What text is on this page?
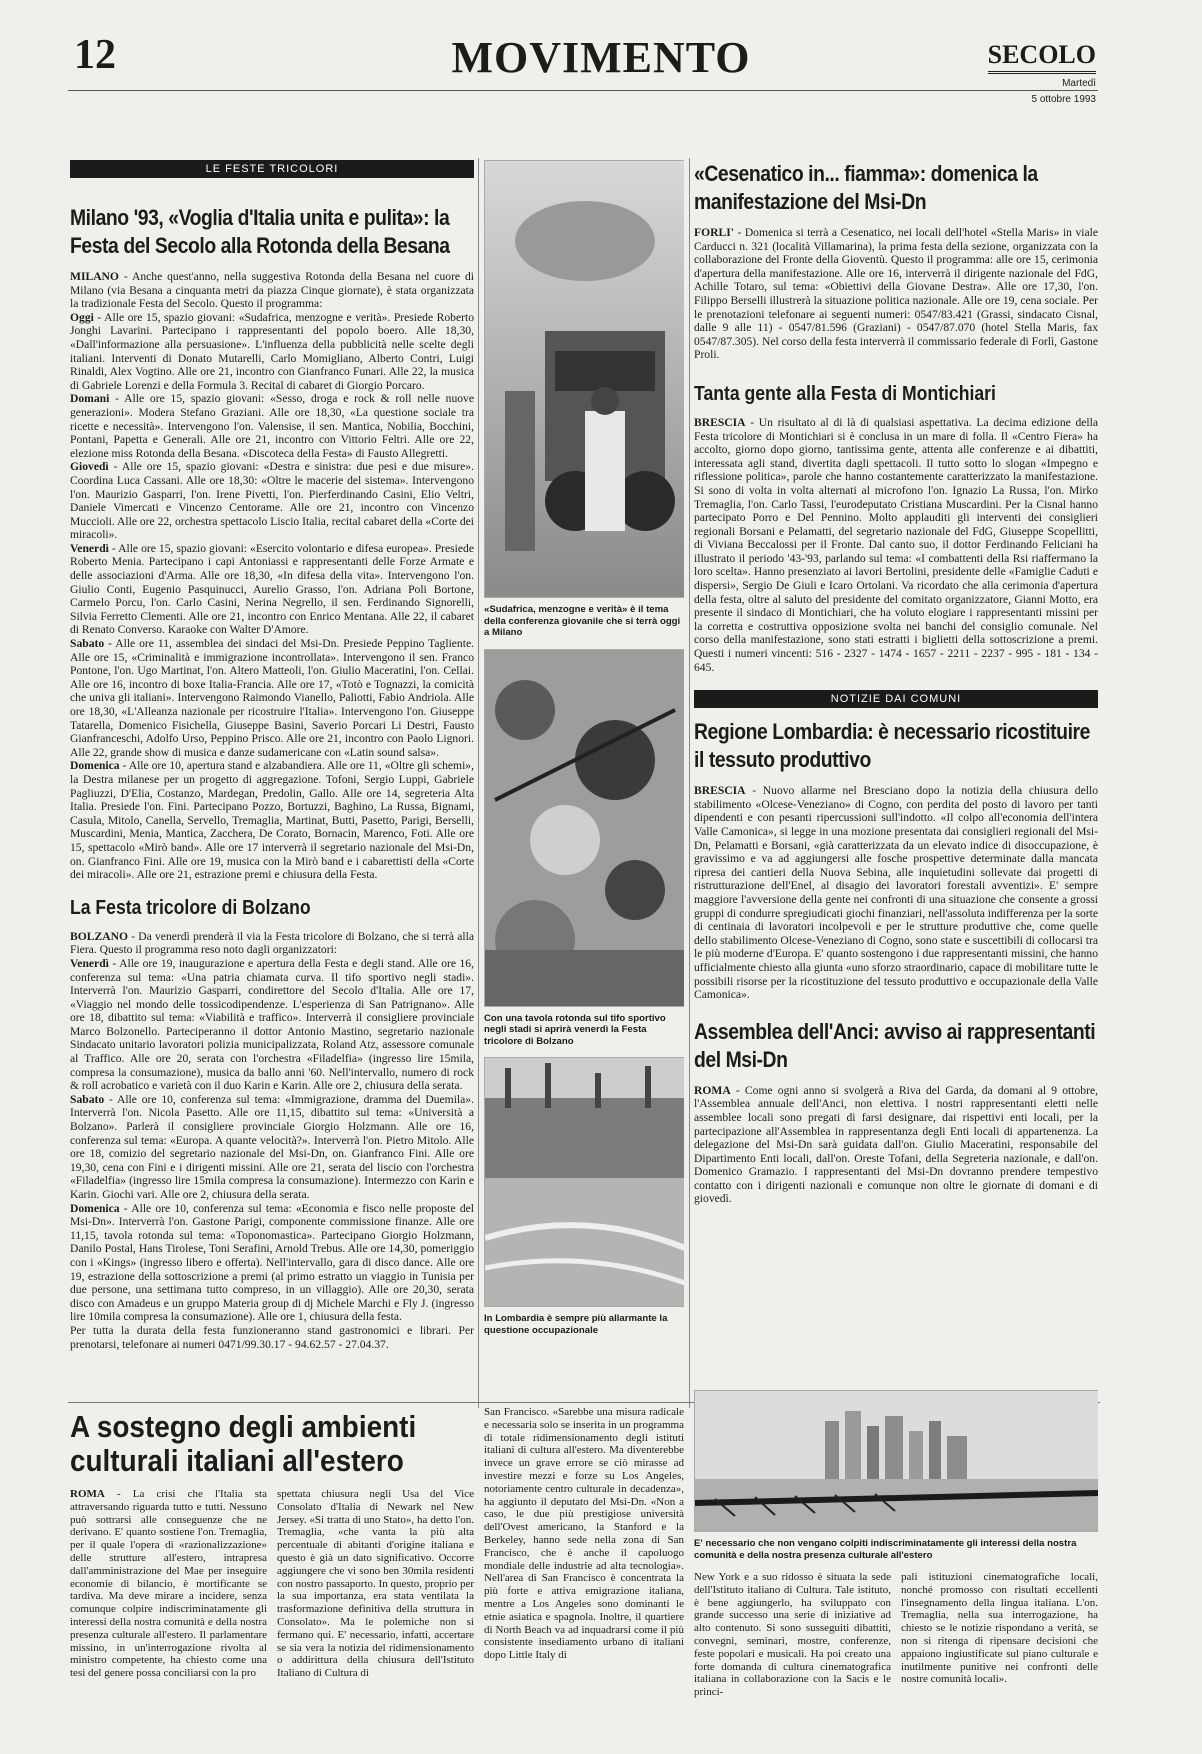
12	MOVIMENTO	SECOLO
Martedì
5 ottobre 1993
LE FESTE TRICOLORI
Milano '93, «Voglia d'Italia unita e pulita»: la Festa del Secolo alla Rotonda della Besana

MILANO - Anche quest'anno, nella suggestiva Rotonda della Besana nel cuore di Milano (via Besana a cinquanta metri da piazza Cinque giornate), è stata organizzata la tradizionale Festa del Secolo. Questo il programma:
Oggi - Alle ore 15, spazio giovani: «Sudafrica, menzogne e verità». Presiede Roberto Jonghi Lavarini. Partecipano i rappresentanti del popolo boero. Alle 18,30, «Dall'informazione alla persuasione». L'influenza della pubblicità nelle scelte degli italiani. Interventi di Donato Mutarelli, Carlo Momigliano, Alberto Contri, Luigi Rinaldi, Alex Vogtino. Alle ore 21, incontro con Gianfranco Funari. Alle 22, la musica di Gabriele Lorenzi e della Formula 3. Recital di cabaret di Giorgio Porcaro.
Domani - Alle ore 15, spazio giovani: «Sesso, droga e rock & roll nelle nuove generazioni». Modera Stefano Graziani. Alle ore 18,30, «La questione sociale tra ricette e necessità». Intervengono l'on. Valensise, il sen. Mantica, Nobilia, Bocchini, Pontani, Papetta e Generali. Alle ore 21, incontro con Vittorio Feltri. Alle ore 22, elezione miss Rotonda della Besana. «Discoteca della Festa» di Fausto Allegretti.
Giovedì - Alle ore 15, spazio giovani: «Destra e sinistra: due pesi e due misure». Coordina Luca Cassani. Alle ore 18,30: «Oltre le macerie del sistema». Intervengono l'on. Maurizio Gasparri, l'on. Irene Pivetti, l'on. Pierferdinando Casini, Elio Veltri, Daniele Vimercati e Vincenzo Centorame. Alle ore 21, incontro con Vincenzo Muccioli. Alle ore 22, orchestra spettacolo Liscio Italia, recital cabaret della «Corte dei miracoli».
Venerdì - Alle ore 15, spazio giovani: «Esercito volontario e difesa europea». Presiede Roberto Menia. Partecipano i capi Antoniassi e rappresentanti delle Forze Armate e delle associazioni d'Arma. Alle ore 18,30, «In difesa della vita». Intervengono l'on. Giulio Conti, Eugenio Pasquinucci, Aurelio Grasso, l'on. Adriana Poli Bortone, Carmelo Porcu, l'on. Carlo Casini, Nerina Negrello, il sen. Ferdinando Signorelli, Silvia Ferretto Clementi. Alle ore 21, incontro con Enrico Mentana. Alle 22, il cabaret di Renato Converso. Karaoke con Walter D'Amore.
Sabato - Alle ore 11, assemblea dei sindaci del Msi-Dn. Presiede Peppino Tagliente. Alle ore 15, «Criminalità e immigrazione incontrollata». Intervengono il sen. Franco Pontone, l'on. Ugo Martinat, l'on. Altero Matteoli, l'on. Giulio Maceratini, l'on. Cellai. Alle ore 16, incontro di boxe Italia-Francia. Alle ore 17, «Totò e Tognazzi, la comicità che univa gli italiani». Intervengono Raimondo Vianello, Paliotti, Fabio Andriola. Alle ore 18,30, «L'Alleanza nazionale per ricostruire l'Italia». Intervengono l'on. Giuseppe Tatarella, Domenico Fisichella, Giuseppe Basini, Saverio Porcari Li Destri, Fausto Gianfranceschi, Adolfo Urso, Peppino Prisco. Alle ore 21, incontro con Paolo Lignori. Alle 22, grande show di musica e danze sudamericane con «Latin sound salsa».
Domenica - Alle ore 10, apertura stand e alzabandiera. Alle ore 11, «Oltre gli schemi», la Destra milanese per un progetto di aggregazione. Tofoni, Sergio Luppi, Gabriele Pagliuzzi, D'Elia, Costanzo, Mardegan, Predolin, Gallo. Alle ore 14, segreteria Alta Italia. Presiede l'on. Fini. Partecipano Pozzo, Bortuzzi, Baghino, La Russa, Bignami, Casula, Mitolo, Canella, Servello, Tremaglia, Martinat, Butti, Pasetto, Parigi, Berselli, Muscardini, Menia, Mantica, Zacchera, De Corato, Bornacin, Marenco, Foti. Alle ore 15, spettacolo «Mirò band». Alle ore 17 interverrà il segretario nazionale del Msi-Dn, on. Gianfranco Fini. Alle ore 19, musica con la Mirò band e i cabarettisti della «Corte dei miracoli». Alle ore 21, estrazione premi e chiusura della Festa.

La Festa tricolore di Bolzano

BOLZANO - Da venerdì prenderà il via la Festa tricolore di Bolzano, che si terrà alla Fiera. Questo il programma reso noto dagli organizzatori:
Venerdì - Alle ore 19, inaugurazione e apertura della Festa e degli stand. Alle ore 16, conferenza sul tema: «Una patria chiamata curva. Il tifo sportivo negli stadi». Interverrà l'on. Maurizio Gasparri, condirettore del Secolo d'Italia. Alle ore 17, «Viaggio nel mondo delle tossicodipendenze. L'esperienza di San Patrignano». Alle ore 18, dibattito sul tema: «Viabilità e traffico». Interverrà il consigliere provinciale Marco Bolzonello. Parteciperanno il dottor Antonio Mastino, segretario nazionale Sindacato unitario lavoratori polizia municipalizzata, Roland Atz, assessore comunale al Traffico. Alle ore 20, serata con l'orchestra «Filadelfia» (ingresso lire 15mila, compresa la consumazione), musica da ballo anni '60. Nell'intervallo, numero di rock & roll acrobatico e varietà con il duo Karin e Karin. Alle ore 2, chiusura della serata.
Sabato - Alle ore 10, conferenza sul tema: «Immigrazione, dramma del Duemila». Interverrà l'on. Nicola Pasetto. Alle ore 11,15, dibattito sul tema: «Università a Bolzano». Parlerà il consigliere provinciale Giorgio Holzmann. Alle ore 16, conferenza sul tema: «Europa. A quante velocità?». Interverrà l'on. Pietro Mitolo. Alle ore 18, comizio del segretario nazionale del Msi-Dn, on. Gianfranco Fini. Alle ore 19,30, cena con Fini e i dirigenti missini. Alle ore 21, serata del liscio con l'orchestra «Filadelfia» (ingresso lire 15mila compresa la consumazione). Intermezzo con Karin e Karin. Giochi vari. Alle ore 2, chiusura della serata.
Domenica - Alle ore 10, conferenza sul tema: «Economia e fisco nelle proposte del Msi-Dn». Interverrà l'on. Gastone Parigi, componente commissione finanze. Alle ore 11,15, tavola rotonda sul tema: «Toponomastica». Partecipano Giorgio Holzmann, Danilo Postal, Hans Tirolese, Toni Serafini, Arnold Trebus. Alle ore 14,30, pomeriggio con i «Kings» (ingresso libero e offerta). Nell'intervallo, gara di disco dance. Alle ore 19, estrazione della sottoscrizione a premi (al primo estratto un viaggio in Tunisia per due persone, una settimana tutto compreso, in un villaggio). Alle ore 20,30, serata disco con Amadeus e un gruppo Materia group di dj Michele Marchi e Fly J. (ingresso lire 10mila compresa la consumazione). Alle ore 1, chiusura della festa.
Per tutta la durata della festa funzioneranno stand gastronomici e librari. Per prenotarsi, telefonare ai numeri 0471/99.30.17 - 94.62.57 - 27.04.37.

«Sudafrica, menzogne e verità» è il tema della conferenza giovanile che si terrà oggi a Milano
Con una tavola rotonda sul tifo sportivo negli stadi si aprirà venerdì la Festa tricolore di Bolzano
In Lombardia è sempre più allarmante la questione occupazionale
«Cesenatico in... fiamma»: domenica la manifestazione del Msi-Dn

FORLI' - Domenica si terrà a Cesenatico, nei locali dell'hotel «Stella Maris» in viale Carducci n. 321 (località Villamarina), la prima festa della sezione, organizzata con la collaborazione del Fronte della Gioventù. Questo il programma: alle ore 15, cerimonia d'apertura della manifestazione. Alle ore 16, interverrà il dirigente nazionale del FdG, Achille Totaro, sul tema: «Obiettivi della Giovane Destra». Alle ore 17,30, l'on. Filippo Berselli illustrerà la situazione politica nazionale. Alle ore 19, cena sociale. Per le prenotazioni telefonare ai seguenti numeri: 0547/83.421 (Grassi, sindacato Cisnal, dalle 9 alle 11) - 0547/81.596 (Graziani) - 0547/87.070 (hotel Stella Maris, fax 0547/87.305). Nel corso della festa interverrà il commissario federale di Forlì, Gastone Proli.

Tanta gente alla Festa di Montichiari

BRESCIA - Un risultato al di là di qualsiasi aspettativa. La decima edizione della Festa tricolore di Montichiari si è conclusa in un mare di folla. Il «Centro Fiera» ha accolto, giorno dopo giorno, tantissima gente, attenta alle conferenze e ai dibattiti, interessata agli stand, divertita dagli spettacoli. Il tutto sotto lo slogan «Impegno e riflessione politica», parole che hanno costantemente caratterizzato la manifestazione. Si sono di volta in volta alternati al microfono l'on. Ignazio La Russa, l'on. Mirko Tremaglia, l'on. Carlo Tassi, l'eurodeputato Cristiana Muscardini. Per la Cisnal hanno partecipato Porro e Del Pennino. Molto applauditi gli interventi dei consiglieri regionali Borsani e Pelamatti, del segretario nazionale del FdG, Giuseppe Scopellitti, di Viviana Beccalossi per il Fronte. Dal canto suo, il dottor Ferdinando Feliciani ha illustrato il periodo '43-'93, parlando sul tema: «I combattenti della Rsi riaffermano la loro scelta». Hanno presenziato ai lavori Bertolini, presidente delle «Famiglie Caduti e dispersi», Sergio De Giuli e Icaro Ortolani. Va ricordato che alla cerimonia d'apertura della festa, oltre al saluto del presidente del comitato organizzatore, Gianni Motto, era presente il sindaco di Montichiari, che ha voluto elogiare i rappresentanti missini per la corretta e costruttiva opposizione svolta nei banchi del consiglio comunale. Nel corso della manifestazione, sono stati estratti i biglietti della sottoscrizione a premi. Questi i numeri vincenti: 516 - 2327 - 1474 - 1657 - 2211 - 2237 - 995 - 181 - 134 - 645.

NOTIZIE DAI COMUNI
Regione Lombardia: è necessario ricostituire il tessuto produttivo

BRESCIA - Nuovo allarme nel Bresciano dopo la notizia della chiusura dello stabilimento «Olcese-Veneziano» di Cogno, con perdita del posto di lavoro per tanti dipendenti e con pesanti ripercussioni sull'indotto. «Il colpo all'economia dell'intera Valle Camonica», si legge in una mozione presentata dai consiglieri regionali del Msi-Dn, Pelamatti e Borsani, «già caratterizzata da un elevato indice di disoccupazione, è gravissimo e va ad aggiungersi alle fosche prospettive determinate dalla mancata ripresa dei cantieri della Nuova Sebina, alle inquietudini sollevate dai progetti di ristrutturazione dell'Enel, al disagio dei lavoratori forestali avventizi». E' sempre maggiore l'avversione della gente nei confronti di una situazione che consente a grossi gruppi di condurre spregiudicati giochi finanziari, nell'assoluta indifferenza per la sorte di centinaia di lavoratori incolpevoli e per le strutture produttive che, come quelle dello stabilimento Olcese-Veneziano di Cogno, sono state e suscettibili di collocarsi tra le più moderne d'Europa. E' quanto sostengono i due rappresentanti missini, che hanno ufficialmente chiesto alla giunta «uno sforzo straordinario, capace di mobilitare tutte le possibili risorse per la ricostituzione del tessuto produttivo e occupazionale della Valle Camonica».

Assemblea dell'Anci: avviso ai rappresentanti del Msi-Dn

ROMA - Come ogni anno si svolgerà a Riva del Garda, da domani al 9 ottobre, l'Assemblea annuale dell'Anci, non elettiva. I nostri rappresentanti eletti nelle assemblee locali sono pregati di farsi designare, dai rispettivi enti locali, per la partecipazione all'Assemblea in rappresentanza degli Enti locali di appartenenza. La delegazione del Msi-Dn sarà guidata dall'on. Giulio Maceratini, responsabile del Dipartimento Enti locali, dall'on. Oreste Tofani, della Segreteria nazionale, e dall'on. Domenico Gramazio. I rappresentanti del Msi-Dn dovranno prendere tempestivo contatto con i dirigenti nazionali e comunque non oltre le giornate di domani e di giovedì.

A sostegno degli ambienti culturali italiani all'estero

ROMA - La crisi che l'Italia sta attraversando riguarda tutto e tutti. Nessuno può sottrarsi alle conseguenze che ne derivano. E' quanto sostiene l'on. Tremaglia, per il quale l'opera di «razionalizzazione» delle strutture all'estero, intrapresa dall'amministrazione del Mae per inseguire economie di bilancio, è mortificante se tardiva. Ma deve mirare a incidere, senza comunque colpire indiscriminatamente gli interessi della nostra comunità e della nostra presenza culturale all'estero. Il parlamentare missino, in un'interrogazione rivolta al ministro competente, ha chiesto come una tesi del genere possa conciliarsi con la pro

spettata chiusura negli Usa del Vice Consolato d'Italia di Newark nel New Jersey. «Si tratta di uno Stato», ha detto l'on. Tremaglia, «che vanta la più alta percentuale di abitanti d'origine italiana e questo è già un dato significativo. Occorre aggiungere che vi sono ben 30mila residenti con nostro passaporto. In questo, proprio per la sua importanza, era stata ventilata la trasformazione definitiva della struttura in Consolato». Ma le polemiche non si fermano qui. E' necessario, infatti, accertare se sia vera la notizia del ridimensionamento o addirittura della chiusura dell'Istituto Italiano di Cultura di

San Francisco. «Sarebbe una misura radicale e necessaria solo se inserita in un programma di totale ridimensionamento degli istituti italiani di cultura all'estero. Ma diventerebbe invece un grave errore se ciò mirasse ad investire mezzi e forze su Los Angeles, notoriamente centro culturale in decadenza», ha aggiunto il deputato del Msi-Dn. «Non a caso, le due più prestigiose università dell'Ovest americano, la Stanford e la Berkeley, hanno sede nella zona di San Francisco, che è anche il capoluogo mondiale delle industrie ad alta tecnologia». Nell'area di San Francisco è concentrata la più forte e attiva emigrazione italiana, mentre a Los Angeles sono dominanti le etnie asiatica e spagnola. Inoltre, il quartiere di North Beach va ad inquadrarsi come il più consistente insediamento urbano di italiani dopo Little Italy di

E' necessario che non vengano colpiti indiscriminatamente gli interessi della nostra comunità e della nostra presenza culturale all'estero

New York e a suo ridosso è situata la sede dell'Istituto italiano di Cultura. Tale istituto, è bene aggiungerlo, ha sviluppato con grande successo una serie di iniziative ad alto contenuto. Si sono susseguiti dibattiti, convegni, seminari, mostre, conferenze, feste popolari e musicali. Ha poi creato una forte domanda di cultura cinematografica italiana in collaborazione con la Sacis e le princi-

pali istituzioni cinematografiche locali, nonché promosso con risultati eccellenti l'insegnamento della lingua italiana. L'on. Tremaglia, nella sua interrogazione, ha chiesto se le notizie rispondano a verità, se non si ritenga di ripensare decisioni che appaiono ingiustificate sul piano culturale e inutilmente punitive nei confronti delle nostre comunità locali».
